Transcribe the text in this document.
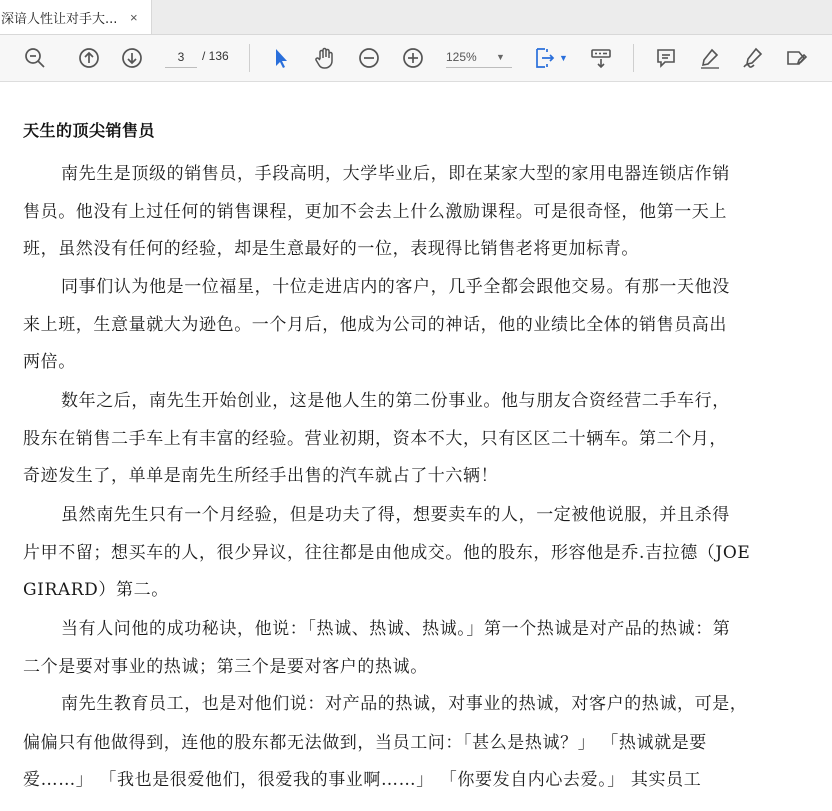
深谙人性让对手大... ×
3
/ 136	125%	▼	▼
天生的顶尖销售员
南先生是顶级的销售员，手段高明，大学毕业后，即在某家大型的家用电器连锁店作销
售员。他没有上过任何的销售课程，更加不会去上什么激励课程。可是很奇怪，他第一天上
班，虽然没有任何的经验，却是生意最好的一位，表现得比销售老将更加标青。
同事们认为他是一位福星，十位走进店内的客户，几乎全都会跟他交易。有那一天他没
来上班，生意量就大为逊色。一个月后，他成为公司的神话，他的业绩比全体的销售员高出
两倍。
数年之后，南先生开始创业，这是他人生的第二份事业。他与朋友合资经营二手车行，
股东在销售二手车上有丰富的经验。营业初期，资本不大，只有区区二十辆车。第二个月，
奇迹发生了，单单是南先生所经手出售的汽车就占了十六辆！
虽然南先生只有一个月经验，但是功夫了得，想要卖车的人，一定被他说服，并且杀得
片甲不留；想买车的人，很少异议，往往都是由他成交。他的股东，形容他是乔.吉拉德（JOE
GIRARD）第二。
当有人问他的成功秘诀，他说：「热诚、热诚、热诚。」第一个热诚是对产品的热诚：第
二个是要对事业的热诚；第三个是要对客户的热诚。
南先生教育员工，也是对他们说：对产品的热诚，对事业的热诚，对客户的热诚，可是，
偏偏只有他做得到，连他的股东都无法做到，当员工问：「甚么是热诚？」 「热诚就是要
爱……」 「我也是很爱他们，很爱我的事业啊……」 「你要发自内心去爱。」 其实员工
